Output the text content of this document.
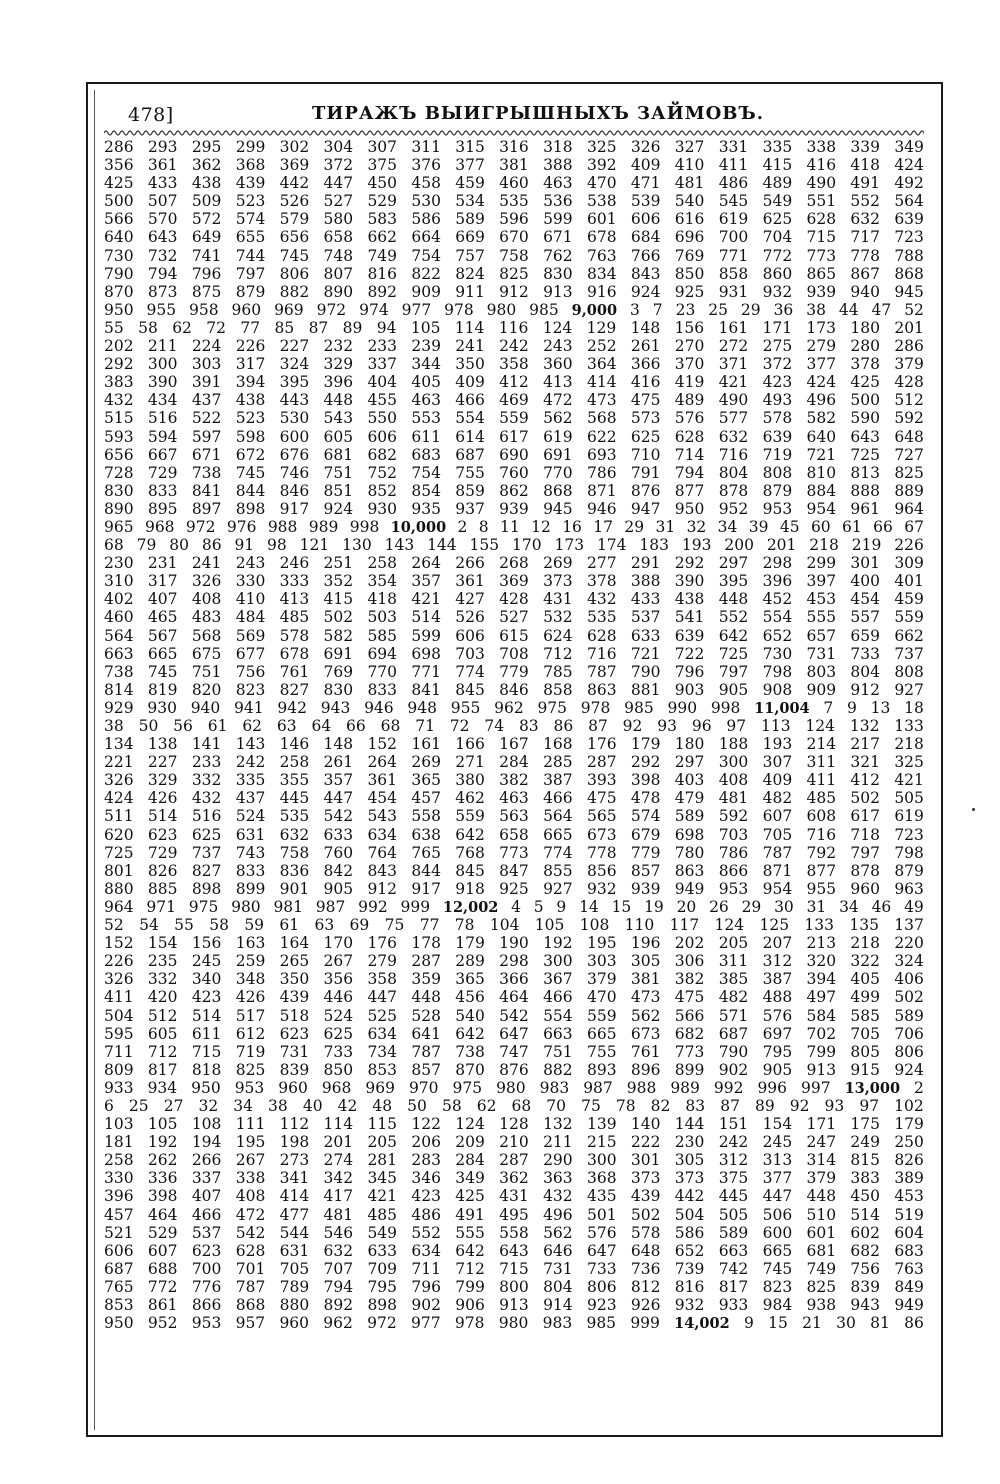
478]	ТИРАЖЪ ВЫИГРЫШНЫХЪ ЗАЙМОВЪ.
286 293 295 299 302 304 307 311 315 316 318 325 326 327 331 335 338 339 349
356 361 362 368 369 372 375 376 377 381 388 392 409 410 411 415 416 418 424
425 433 438 439 442 447 450 458 459 460 463 470 471 481 486 489 490 491 492
500 507 509 523 526 527 529 530 534 535 536 538 539 540 545 549 551 552 564
566 570 572 574 579 580 583 586 589 596 599 601 606 616 619 625 628 632 639
640 643 649 655 656 658 662 664 669 670 671 678 684 696 700 704 715 717 723
730 732 741 744 745 748 749 754 757 758 762 763 766 769 771 772 773 778 788
790 794 796 797 806 807 816 822 824 825 830 834 843 850 858 860 865 867 868
870 873 875 879 882 890 892 909 911 912 913 916 924 925 931 932 939 940 945
950 955 958 960 969 972 974 977 978 980 985 9,000 3 7 23 25 29 36 38 44 47 52
55 58 62 72 77 85 87 89 94 105 114 116 124 129 148 156 161 171 173 180 201
202 211 224 226 227 232 233 239 241 242 243 252 261 270 272 275 279 280 286
292 300 303 317 324 329 337 344 350 358 360 364 366 370 371 372 377 378 379
383 390 391 394 395 396 404 405 409 412 413 414 416 419 421 423 424 425 428
432 434 437 438 443 448 455 463 466 469 472 473 475 489 490 493 496 500 512
515 516 522 523 530 543 550 553 554 559 562 568 573 576 577 578 582 590 592
593 594 597 598 600 605 606 611 614 617 619 622 625 628 632 639 640 643 648
656 667 671 672 676 681 682 683 687 690 691 693 710 714 716 719 721 725 727
728 729 738 745 746 751 752 754 755 760 770 786 791 794 804 808 810 813 825
830 833 841 844 846 851 852 854 859 862 868 871 876 877 878 879 884 888 889
890 895 897 898 917 924 930 935 937 939 945 946 947 950 952 953 954 961 964
965 968 972 976 988 989 998 10,000 2 8 11 12 16 17 29 31 32 34 39 45 60 61 66 67
68 79 80 86 91 98 121 130 143 144 155 170 173 174 183 193 200 201 218 219 226
230 231 241 243 246 251 258 264 266 268 269 277 291 292 297 298 299 301 309
310 317 326 330 333 352 354 357 361 369 373 378 388 390 395 396 397 400 401
402 407 408 410 413 415 418 421 427 428 431 432 433 438 448 452 453 454 459
460 465 483 484 485 502 503 514 526 527 532 535 537 541 552 554 555 557 559
564 567 568 569 578 582 585 599 606 615 624 628 633 639 642 652 657 659 662
663 665 675 677 678 691 694 698 703 708 712 716 721 722 725 730 731 733 737
738 745 751 756 761 769 770 771 774 779 785 787 790 796 797 798 803 804 808
814 819 820 823 827 830 833 841 845 846 858 863 881 903 905 908 909 912 927
929 930 940 941 942 943 946 948 955 962 975 978 985 990 998 11,004 7 9 13 18
38 50 56 61 62 63 64 66 68 71 72 74 83 86 87 92 93 96 97 113 124 132 133
134 138 141 143 146 148 152 161 166 167 168 176 179 180 188 193 214 217 218
221 227 233 242 258 261 264 269 271 284 285 287 292 297 300 307 311 321 325
326 329 332 335 355 357 361 365 380 382 387 393 398 403 408 409 411 412 421
424 426 432 437 445 447 454 457 462 463 466 475 478 479 481 482 485 502 505
511 514 516 524 535 542 543 558 559 563 564 565 574 589 592 607 608 617 619
620 623 625 631 632 633 634 638 642 658 665 673 679 698 703 705 716 718 723
725 729 737 743 758 760 764 765 768 773 774 778 779 780 786 787 792 797 798
801 826 827 833 836 842 843 844 845 847 855 856 857 863 866 871 877 878 879
880 885 898 899 901 905 912 917 918 925 927 932 939 949 953 954 955 960 963
964 971 975 980 981 987 992 999 12,002 4 5 9 14 15 19 20 26 29 30 31 34 46 49
52 54 55 58 59 61 63 69 75 77 78 104 105 108 110 117 124 125 133 135 137
152 154 156 163 164 170 176 178 179 190 192 195 196 202 205 207 213 218 220
226 235 245 259 265 267 279 287 289 298 300 303 305 306 311 312 320 322 324
326 332 340 348 350 356 358 359 365 366 367 379 381 382 385 387 394 405 406
411 420 423 426 439 446 447 448 456 464 466 470 473 475 482 488 497 499 502
504 512 514 517 518 524 525 528 540 542 554 559 562 566 571 576 584 585 589
595 605 611 612 623 625 634 641 642 647 663 665 673 682 687 697 702 705 706
711 712 715 719 731 733 734 787 738 747 751 755 761 773 790 795 799 805 806
809 817 818 825 839 850 853 857 870 876 882 893 896 899 902 905 913 915 924
933 934 950 953 960 968 969 970 975 980 983 987 988 989 992 996 997 13,000 2
6 25 27 32 34 38 40 42 48 50 58 62 68 70 75 78 82 83 87 89 92 93 97 102
103 105 108 111 112 114 115 122 124 128 132 139 140 144 151 154 171 175 179
181 192 194 195 198 201 205 206 209 210 211 215 222 230 242 245 247 249 250
258 262 266 267 273 274 281 283 284 287 290 300 301 305 312 313 314 815 826
330 336 337 338 341 342 345 346 349 362 363 368 373 373 375 377 379 383 389
396 398 407 408 414 417 421 423 425 431 432 435 439 442 445 447 448 450 453
457 464 466 472 477 481 485 486 491 495 496 501 502 504 505 506 510 514 519
521 529 537 542 544 546 549 552 555 558 562 576 578 586 589 600 601 602 604
606 607 623 628 631 632 633 634 642 643 646 647 648 652 663 665 681 682 683
687 688 700 701 705 707 709 711 712 715 731 733 736 739 742 745 749 756 763
765 772 776 787 789 794 795 796 799 800 804 806 812 816 817 823 825 839 849
853 861 866 868 880 892 898 902 906 913 914 923 926 932 933 984 938 943 949
950 952 953 957 960 962 972 977 978 980 983 985 999 14,002 9 15 21 30 81 86
